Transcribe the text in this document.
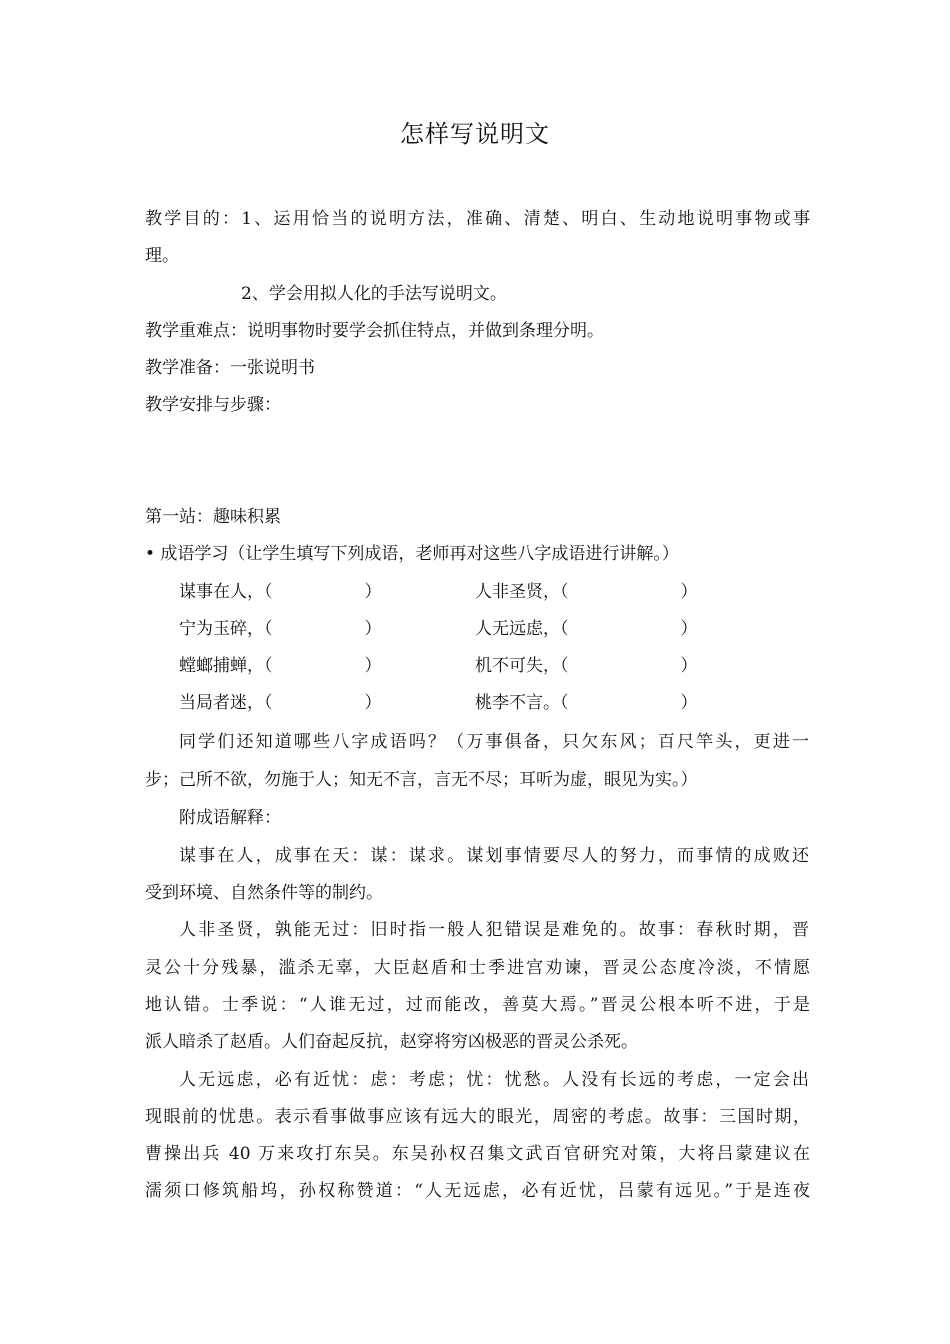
怎样写说明文
教学目的：1、运用恰当的说明方法，准确、清楚、明白、生动地说明事物或事
理。
2、学会用拟人化的手法写说明文。
教学重难点：说明事物时要学会抓住特点，并做到条理分明。
教学准备：一张说明书
教学安排与步骤：
第一站：趣味积累
• 成语学习（让学生填写下列成语，老师再对这些八字成语进行讲解。）
谋事在人，（	）	人非圣贤，（	）
宁为玉碎，（	）	人无远虑，（	）
螳螂捕蝉，（	）	机不可失，（	）
当局者迷，（	）	桃李不言。（	）
同学们还知道哪些八字成语吗？（万事俱备，只欠东风；百尺竿头，更进一
步；己所不欲，勿施于人；知无不言，言无不尽；耳听为虚，眼见为实。）
附成语解释：
谋事在人，成事在天：谋：谋求。谋划事情要尽人的努力，而事情的成败还
受到环境、自然条件等的制约。
人非圣贤，孰能无过：旧时指一般人犯错误是难免的。故事：春秋时期，晋
灵公十分残暴，滥杀无辜，大臣赵盾和士季进宫劝谏，晋灵公态度冷淡，不情愿
地认错。士季说：“人谁无过，过而能改，善莫大焉。”晋灵公根本听不进，于是
派人暗杀了赵盾。人们奋起反抗，赵穿将穷凶极恶的晋灵公杀死。
人无远虑，必有近忧：虑：考虑；忧：忧愁。人没有长远的考虑，一定会出
现眼前的忧患。表示看事做事应该有远大的眼光，周密的考虑。故事：三国时期，
曹操出兵 40 万来攻打东吴。东吴孙权召集文武百官研究对策，大将吕蒙建议在
濡须口修筑船坞，孙权称赞道：“人无远虑，必有近忧，吕蒙有远见。”于是连夜
